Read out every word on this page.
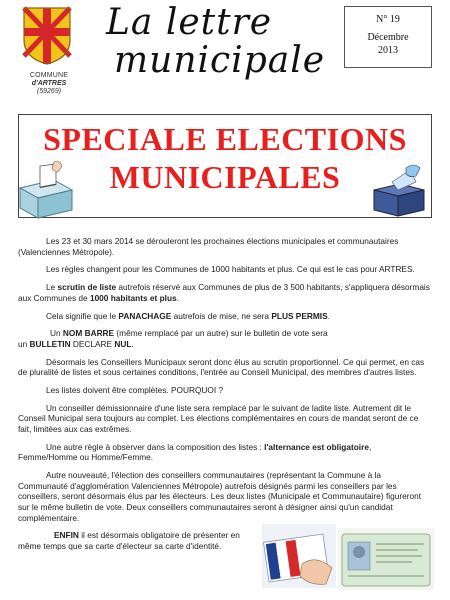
COMMUNE
d'ARTRES
(59269)
La lettre
municipale
N° 19
Décembre
2013
SPECIALE ELECTIONS
MUNICIPALES

Les 23 et 30 mars 2014 se dérouleront les prochaines élections municipales et communautaires (Valenciennes Métropole).

Les règles changent pour les Communes de 1000 habitants et plus. Ce qui est le cas pour ARTRES.

Le scrutin de liste autrefois réservé aux Communes de plus de 3 500 habitants, s'appliquera désormais aux Communes de 1000 habitants et plus.

Cela signifie que le PANACHAGE autrefois de mise, ne sera PLUS PERMIS.

Un NOM BARRE (même remplacé par un autre) sur le bulletin de vote sera
un BULLETIN DECLARE NUL.

Désormais les Conseillers Municipaux seront donc élus au scrutin proportionnel. Ce qui permet, en cas de pluralité de listes et sous certaines conditions, l'entrée au Conseil Municipal, des membres d'autres listes.

Les listes doivent être complètes. POURQUOI ?

Un conseiller démissionnaire d'une liste sera remplacé par le suivant de ladite liste. Autrement dit le Conseil Municipal sera toujours au complet. Les élections complémentaires en cours de mandat seront de ce fait, limitées aux cas extrêmes.

Une autre règle à observer dans la composition des listes : l'alternance est obligatoire, Femme/Homme ou Homme/Femme.

Autre nouveauté, l'élection des conseillers communautaires (représentant la Commune à la Communauté d'agglomération Valenciennes Métropole) autrefois désignés parmi les conseillers par les conseillers, seront désormais élus par les électeurs. Les deux listes (Municipale et Communautaire) figureront sur le même bulletin de vote. Deux conseillers communautaires seront à désigner ainsi qu'un candidat complémentaire.

ENFIN il est désormais obligatoire de présenter en même temps que sa carte d'électeur sa carte d'identité.
